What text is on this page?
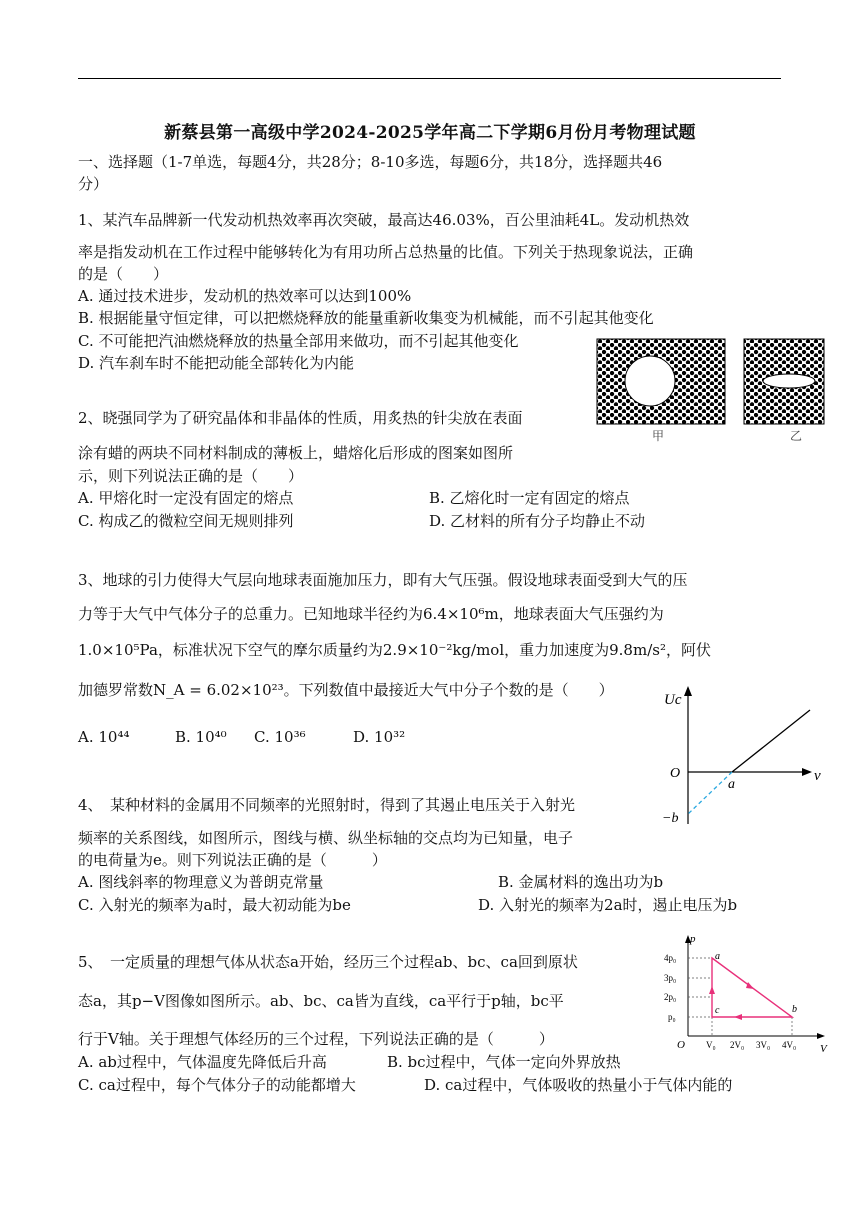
新蔡县第一高级中学2024-2025学年高二下学期6月份月考物理试题
一、选择题（1-7单选，每题4分，共28分；8-10多选，每题6分，共18分，选择题共46
分）
1、某汽车品牌新一代发动机热效率再次突破，最高达46.03%，百公里油耗4L。发动机热效
率是指发动机在工作过程中能够转化为有用功所占总热量的比值。下列关于热现象说法，正确
的是（　　）
A. 通过技术进步，发动机的热效率可以达到100%
B. 根据能量守恒定律，可以把燃烧释放的能量重新收集变为机械能，而不引起其他变化
C. 不可能把汽油燃烧释放的热量全部用来做功，而不引起其他变化
D. 汽车刹车时不能把动能全部转化为内能
甲	乙
2、晓强同学为了研究晶体和非晶体的性质，用炙热的针尖放在表面
涂有蜡的两块不同材料制成的薄板上，蜡熔化后形成的图案如图所
示，则下列说法正确的是（　　）
A. 甲熔化时一定没有固定的熔点	B. 乙熔化时一定有固定的熔点
C. 构成乙的微粒空间无规则排列	D. 乙材料的所有分子均静止不动
3、地球的引力使得大气层向地球表面施加压力，即有大气压强。假设地球表面受到大气的压
力等于大气中气体分子的总重力。已知地球半径约为6.4×10⁶m，地球表面大气压强约为
1.0×10⁵Pa，标准状况下空气的摩尔质量约为2.9×10⁻²kg/mol，重力加速度为9.8m/s²，阿伏
加德罗常数N_A = 6.02×10²³。下列数值中最接近大气中分子个数的是（　　）
A. 10⁴⁴	B. 10⁴⁰ C. 10³⁶	D. 10³²
Uc
O
a
−b
ν
4、　某种材料的金属用不同频率的光照射时，得到了其遏止电压关于入射光
频率的关系图线，如图所示，图线与横、纵坐标轴的交点均为已知量，电子
的电荷量为e。则下列说法正确的是（　　　）
A. 图线斜率的物理意义为普朗克常量	B. 金属材料的逸出功为b
C. 入射光的频率为a时，最大初动能为be	D. 入射光的频率为2a时，遏止电压为b
p
V
O
4p₀
3p₀
2p₀
p₀
V₀ 2V₀ 3V₀ 4V₀
a
b
c
5、　一定质量的理想气体从状态a开始，经历三个过程ab、bc、ca回到原状
态a，其p−V图像如图所示。ab、bc、ca皆为直线，ca平行于p轴，bc平
行于V轴。关于理想气体经历的三个过程，下列说法正确的是（　　　）
A. ab过程中，气体温度先降低后升高	B. bc过程中，气体一定向外界放热
C. ca过程中，每个气体分子的动能都增大	D. ca过程中，气体吸收的热量小于气体内能的
